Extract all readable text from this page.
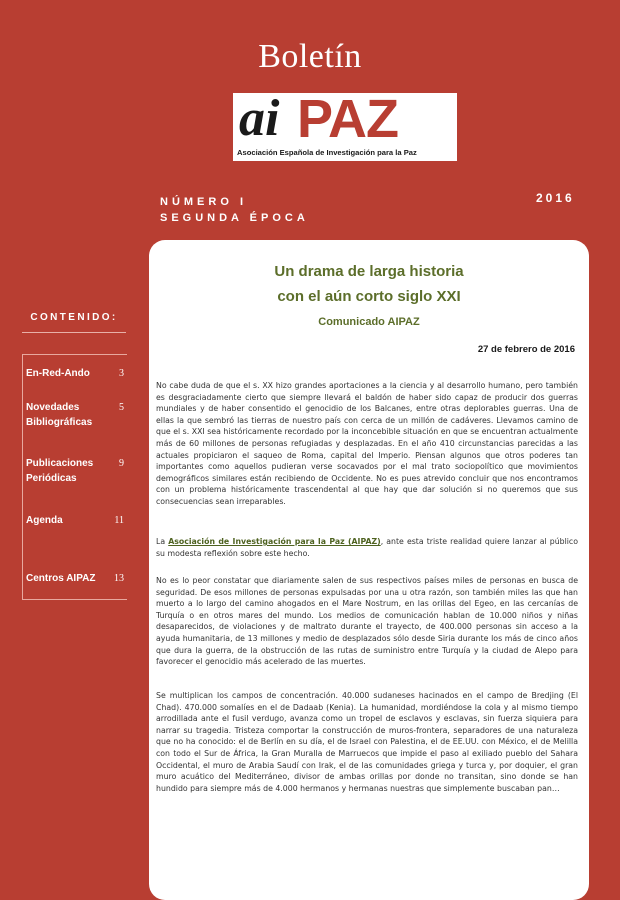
Boletín
ai PAZ
Asociación Española de Investigación para la Paz
NÚMERO I
SEGUNDA ÉPOCA
2016
CONTENIDO:
En-Red-Ando	3
Novedades Bibliográficas
5
Publicaciones Periódicas
9
Agenda	11
Centros AIPAZ 13
Un drama de larga historia
con el aún corto siglo XXI
Comunicado AIPAZ
27 de febrero de 2016

No cabe duda de que el s. XX hizo grandes aportaciones a la ciencia y al desarrollo humano, pero también es desgraciadamente cierto que siempre llevará el baldón de haber sido capaz de producir dos guerras mundiales y de haber consentido el genocidio de los Balcanes, entre otras deplorables guerras. Una de ellas la que sembró las tierras de nuestro país con cerca de un millón de cadáveres. Llevamos camino de que el s. XXI sea históricamente recordado por la inconcebible situación en que se encuentran actualmente más de 60 millones de personas refugiadas y desplazadas. En el año 410 circunstancias parecidas a las actuales propiciaron el saqueo de Roma, capital del Imperio. Piensan algunos que otros poderes tan importantes como aquellos pudieran verse socavados por el mal trato sociopolítico que movimientos demográficos similares están recibiendo de Occidente. No es pues atrevido concluir que nos encontramos con un problema históricamente trascendental al que hay que dar solución si no queremos que sus consecuencias sean irreparables.

La Asociación de Investigación para la Paz (AIPAZ), ante esta triste realidad quiere lanzar al público su modesta reflexión sobre este hecho.

No es lo peor constatar que diariamente salen de sus respectivos países miles de personas en busca de seguridad. De esos millones de personas expulsadas por una u otra razón, son también miles las que han muerto a lo largo del camino ahogados en el Mare Nostrum, en las orillas del Egeo, en las cercanías de Turquía o en otros mares del mundo. Los medios de comunicación hablan de 10.000 niños y niñas desaparecidos, de violaciones y de maltrato durante el trayecto, de 400.000 personas sin acceso a la ayuda humanitaria, de 13 millones y medio de desplazados sólo desde Siria durante los más de cinco años que dura la guerra, de la obstrucción de las rutas de suministro entre Turquía y la ciudad de Alepo para favorecer el genocidio más acelerado de las muertes.

Se multiplican los campos de concentración. 40.000 sudaneses hacinados en el campo de Bredjing (El Chad). 470.000 somalíes en el de Dadaab (Kenia). La humanidad, mordiéndose la cola y al mismo tiempo arrodillada ante el fusil verdugo, avanza como un tropel de esclavos y esclavas, sin fuerza siquiera para narrar su tragedia. Tristeza comportar la construcción de muros-frontera, separadores de una naturaleza que no ha conocido: el de Berlín en su día, el de Israel con Palestina, el de EE.UU. con México, el de Melilla con todo el Sur de África, la Gran Muralla de Marruecos que impide el paso al exiliado pueblo del Sahara Occidental, el muro de Arabia Saudí con Irak, el de las comunidades griega y turca y, por doquier, el gran muro acuático del Mediterráneo, divisor de ambas orillas por donde no transitan, sino donde se han hundido para siempre más de 4.000 hermanos y hermanas nuestras que simplemente buscaban pan…
